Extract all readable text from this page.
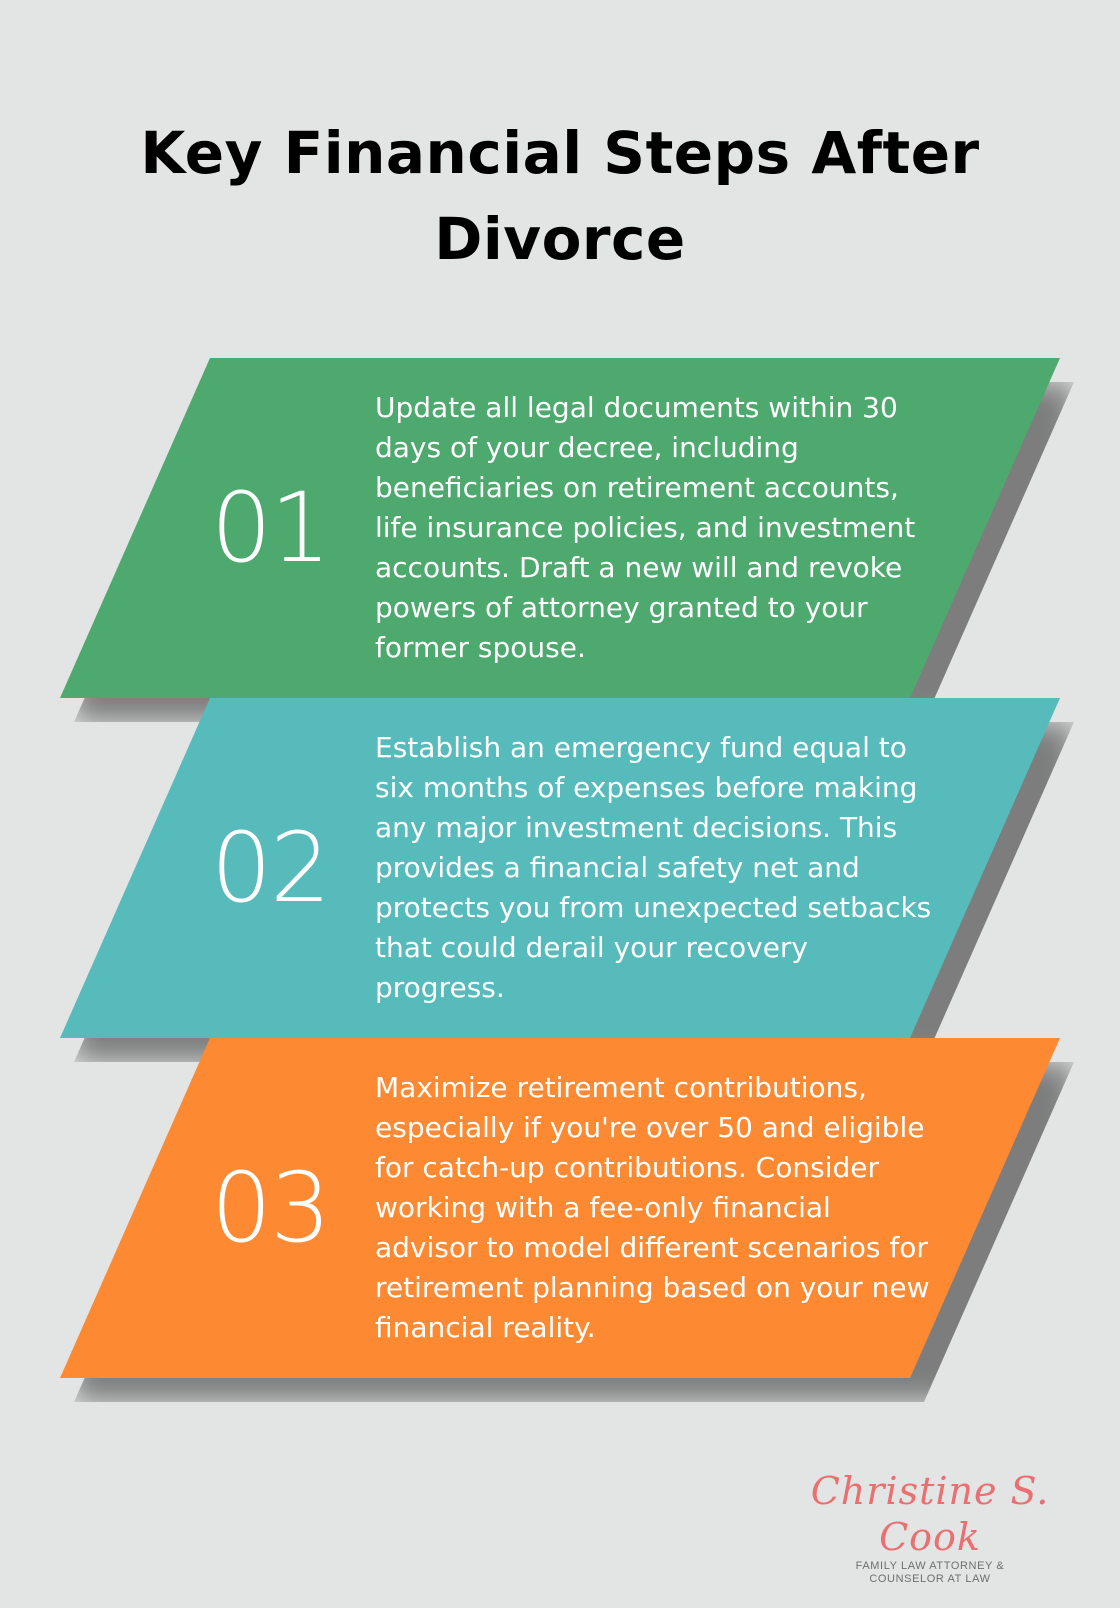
Key Financial Steps After Divorce
01
Update all legal documents within 30 days of your decree, including beneficiaries on retirement accounts, life insurance policies, and investment accounts. Draft a new will and revoke powers of attorney granted to your former spouse.
02
Establish an emergency fund equal to six months of expenses before making any major investment decisions. This provides a financial safety net and protects you from unexpected setbacks that could derail your recovery progress.
03
Maximize retirement contributions, especially if you're over 50 and eligible for catch-up contributions. Consider working with a fee-only financial advisor to model different scenarios for retirement planning based on your new financial reality.
Christine S. Cook
FAMILY LAW ATTORNEY &
COUNSELOR AT LAW
